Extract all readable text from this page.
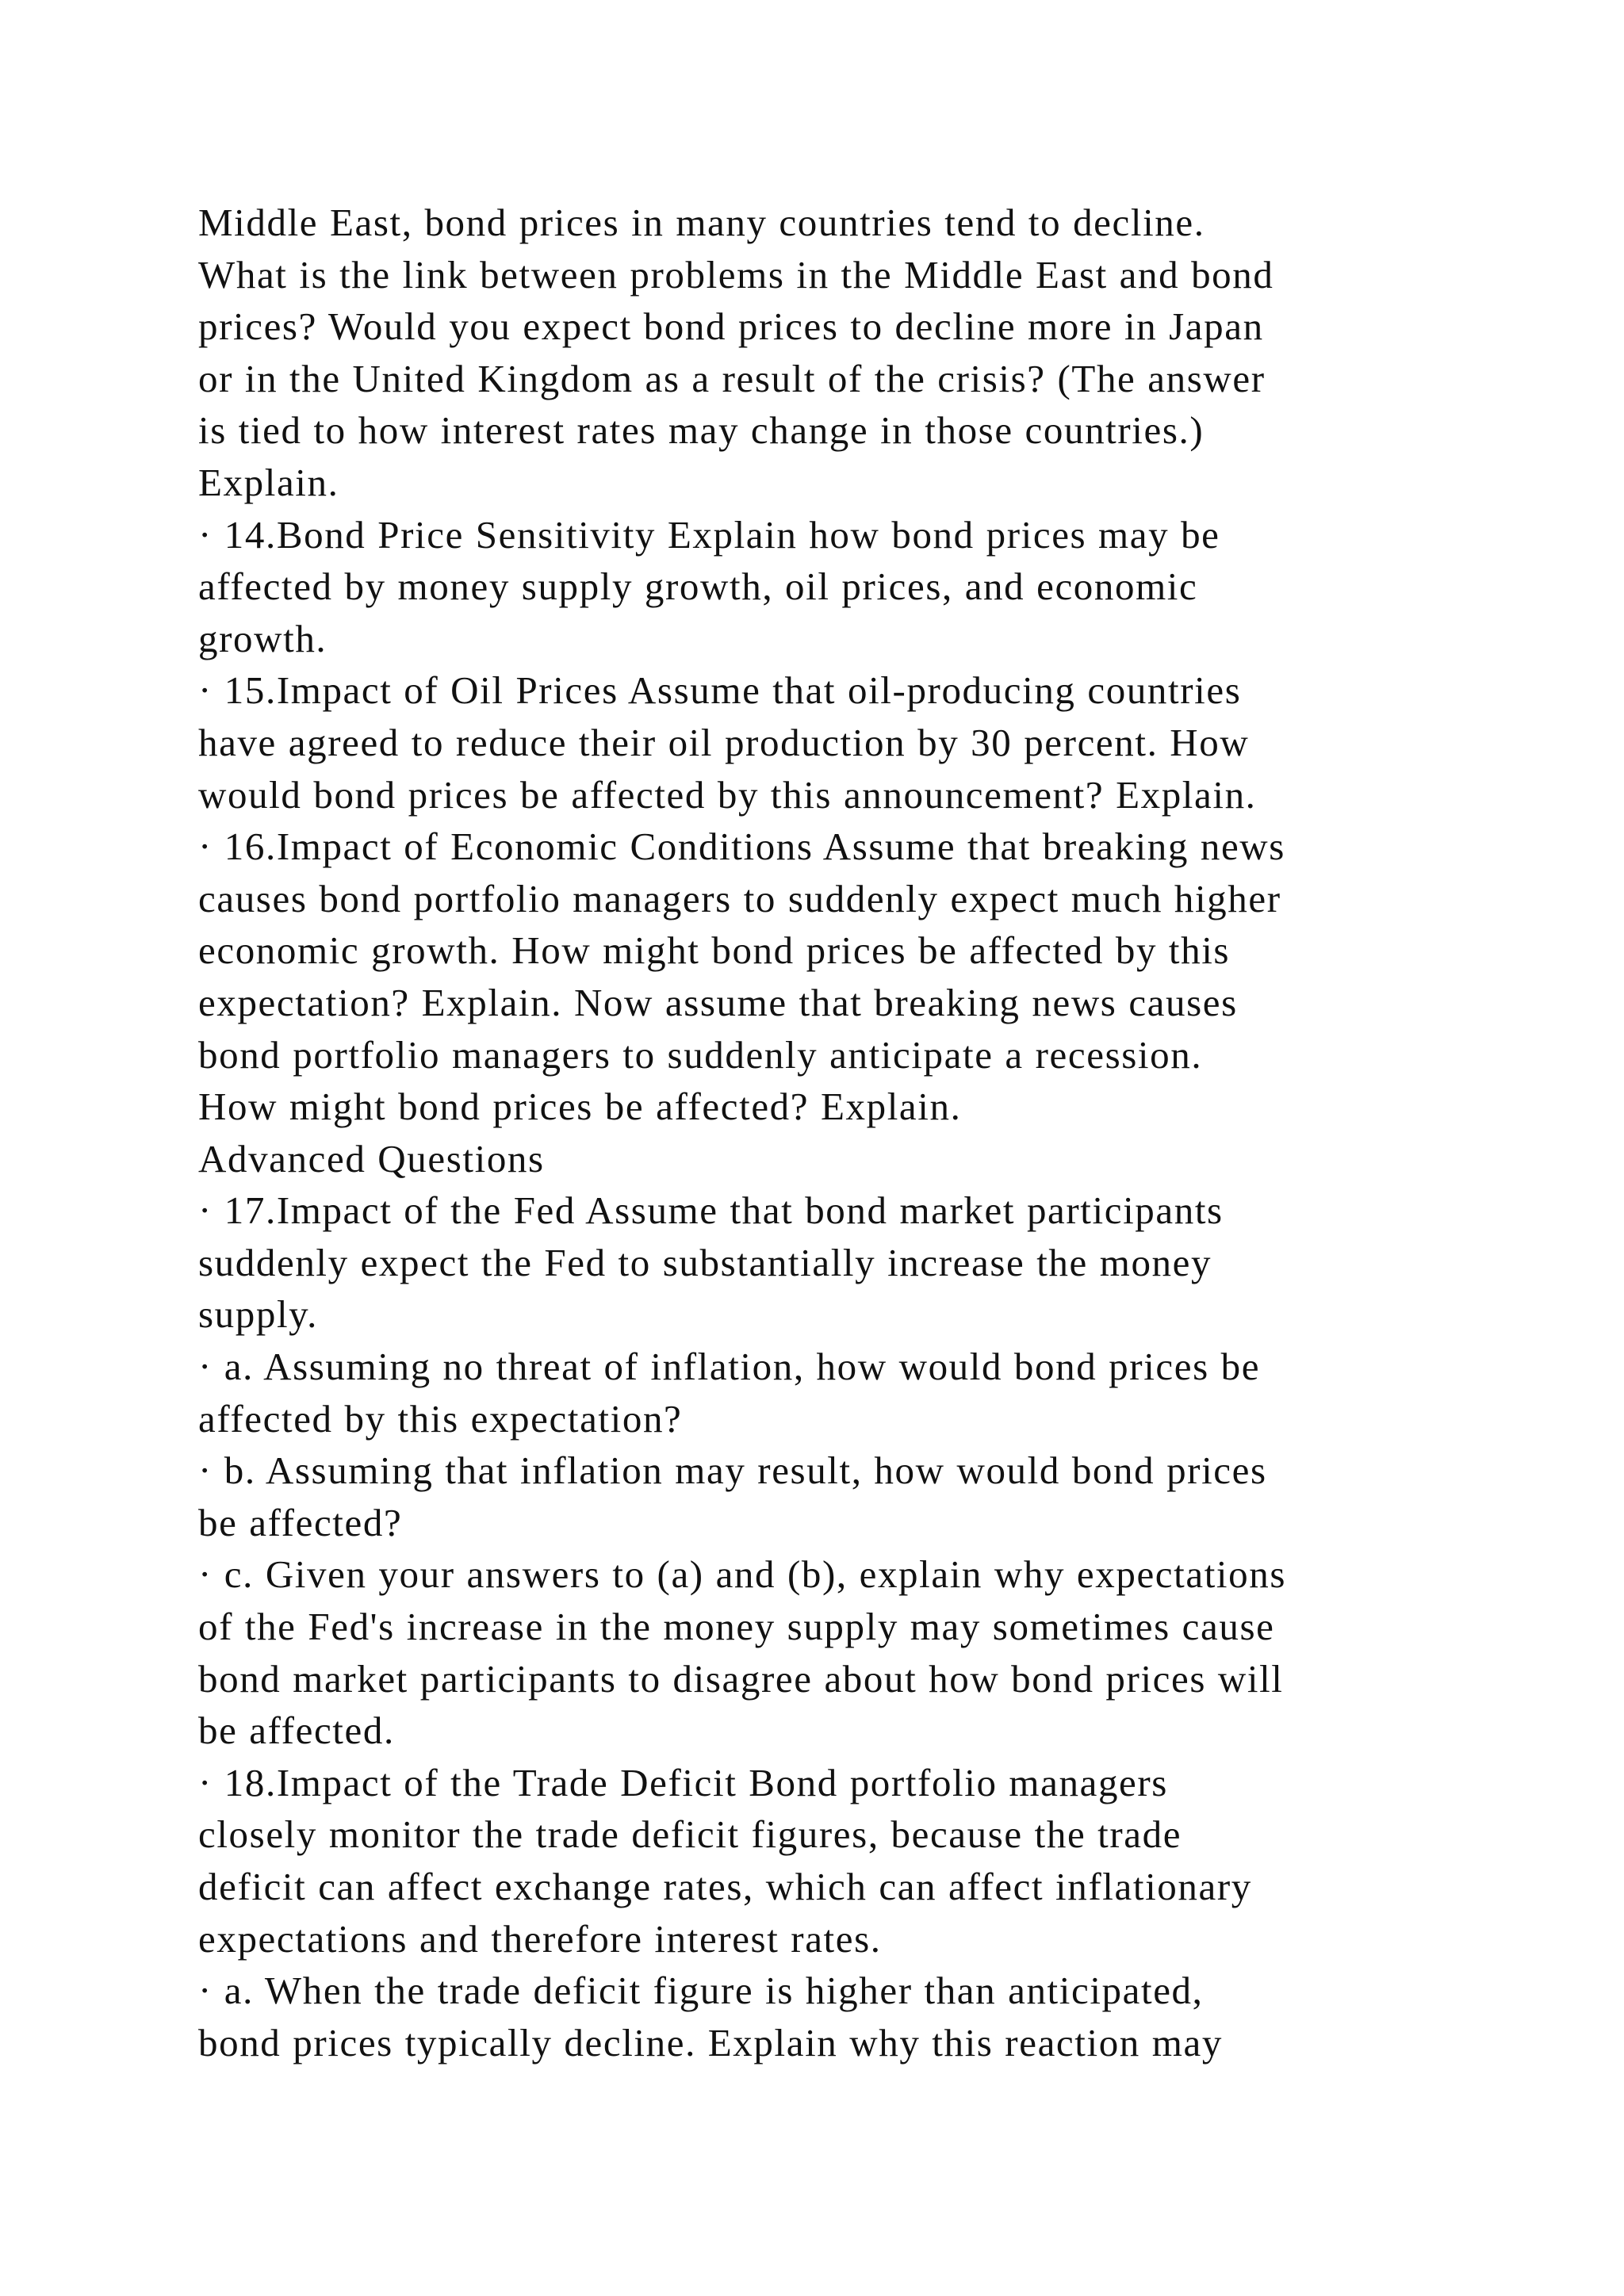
Middle East, bond prices in many countries tend to decline.
What is the link between problems in the Middle East and bond
prices? Would you expect bond prices to decline more in Japan
or in the United Kingdom as a result of the crisis? (The answer
is tied to how interest rates may change in those countries.)
Explain.
· 14.Bond Price Sensitivity Explain how bond prices may be
affected by money supply growth, oil prices, and economic
growth.
· 15.Impact of Oil Prices Assume that oil-producing countries
have agreed to reduce their oil production by 30 percent. How
would bond prices be affected by this announcement? Explain.
· 16.Impact of Economic Conditions Assume that breaking news
causes bond portfolio managers to suddenly expect much higher
economic growth. How might bond prices be affected by this
expectation? Explain. Now assume that breaking news causes
bond portfolio managers to suddenly anticipate a recession.
How might bond prices be affected? Explain.
Advanced Questions
· 17.Impact of the Fed Assume that bond market participants
suddenly expect the Fed to substantially increase the money
supply.
· a. Assuming no threat of inflation, how would bond prices be
affected by this expectation?
· b. Assuming that inflation may result, how would bond prices
be affected?
· c. Given your answers to (a) and (b), explain why expectations
of the Fed's increase in the money supply may sometimes cause
bond market participants to disagree about how bond prices will
be affected.
· 18.Impact of the Trade Deficit Bond portfolio managers
closely monitor the trade deficit figures, because the trade
deficit can affect exchange rates, which can affect inflationary
expectations and therefore interest rates.
· a. When the trade deficit figure is higher than anticipated,
bond prices typically decline. Explain why this reaction may
